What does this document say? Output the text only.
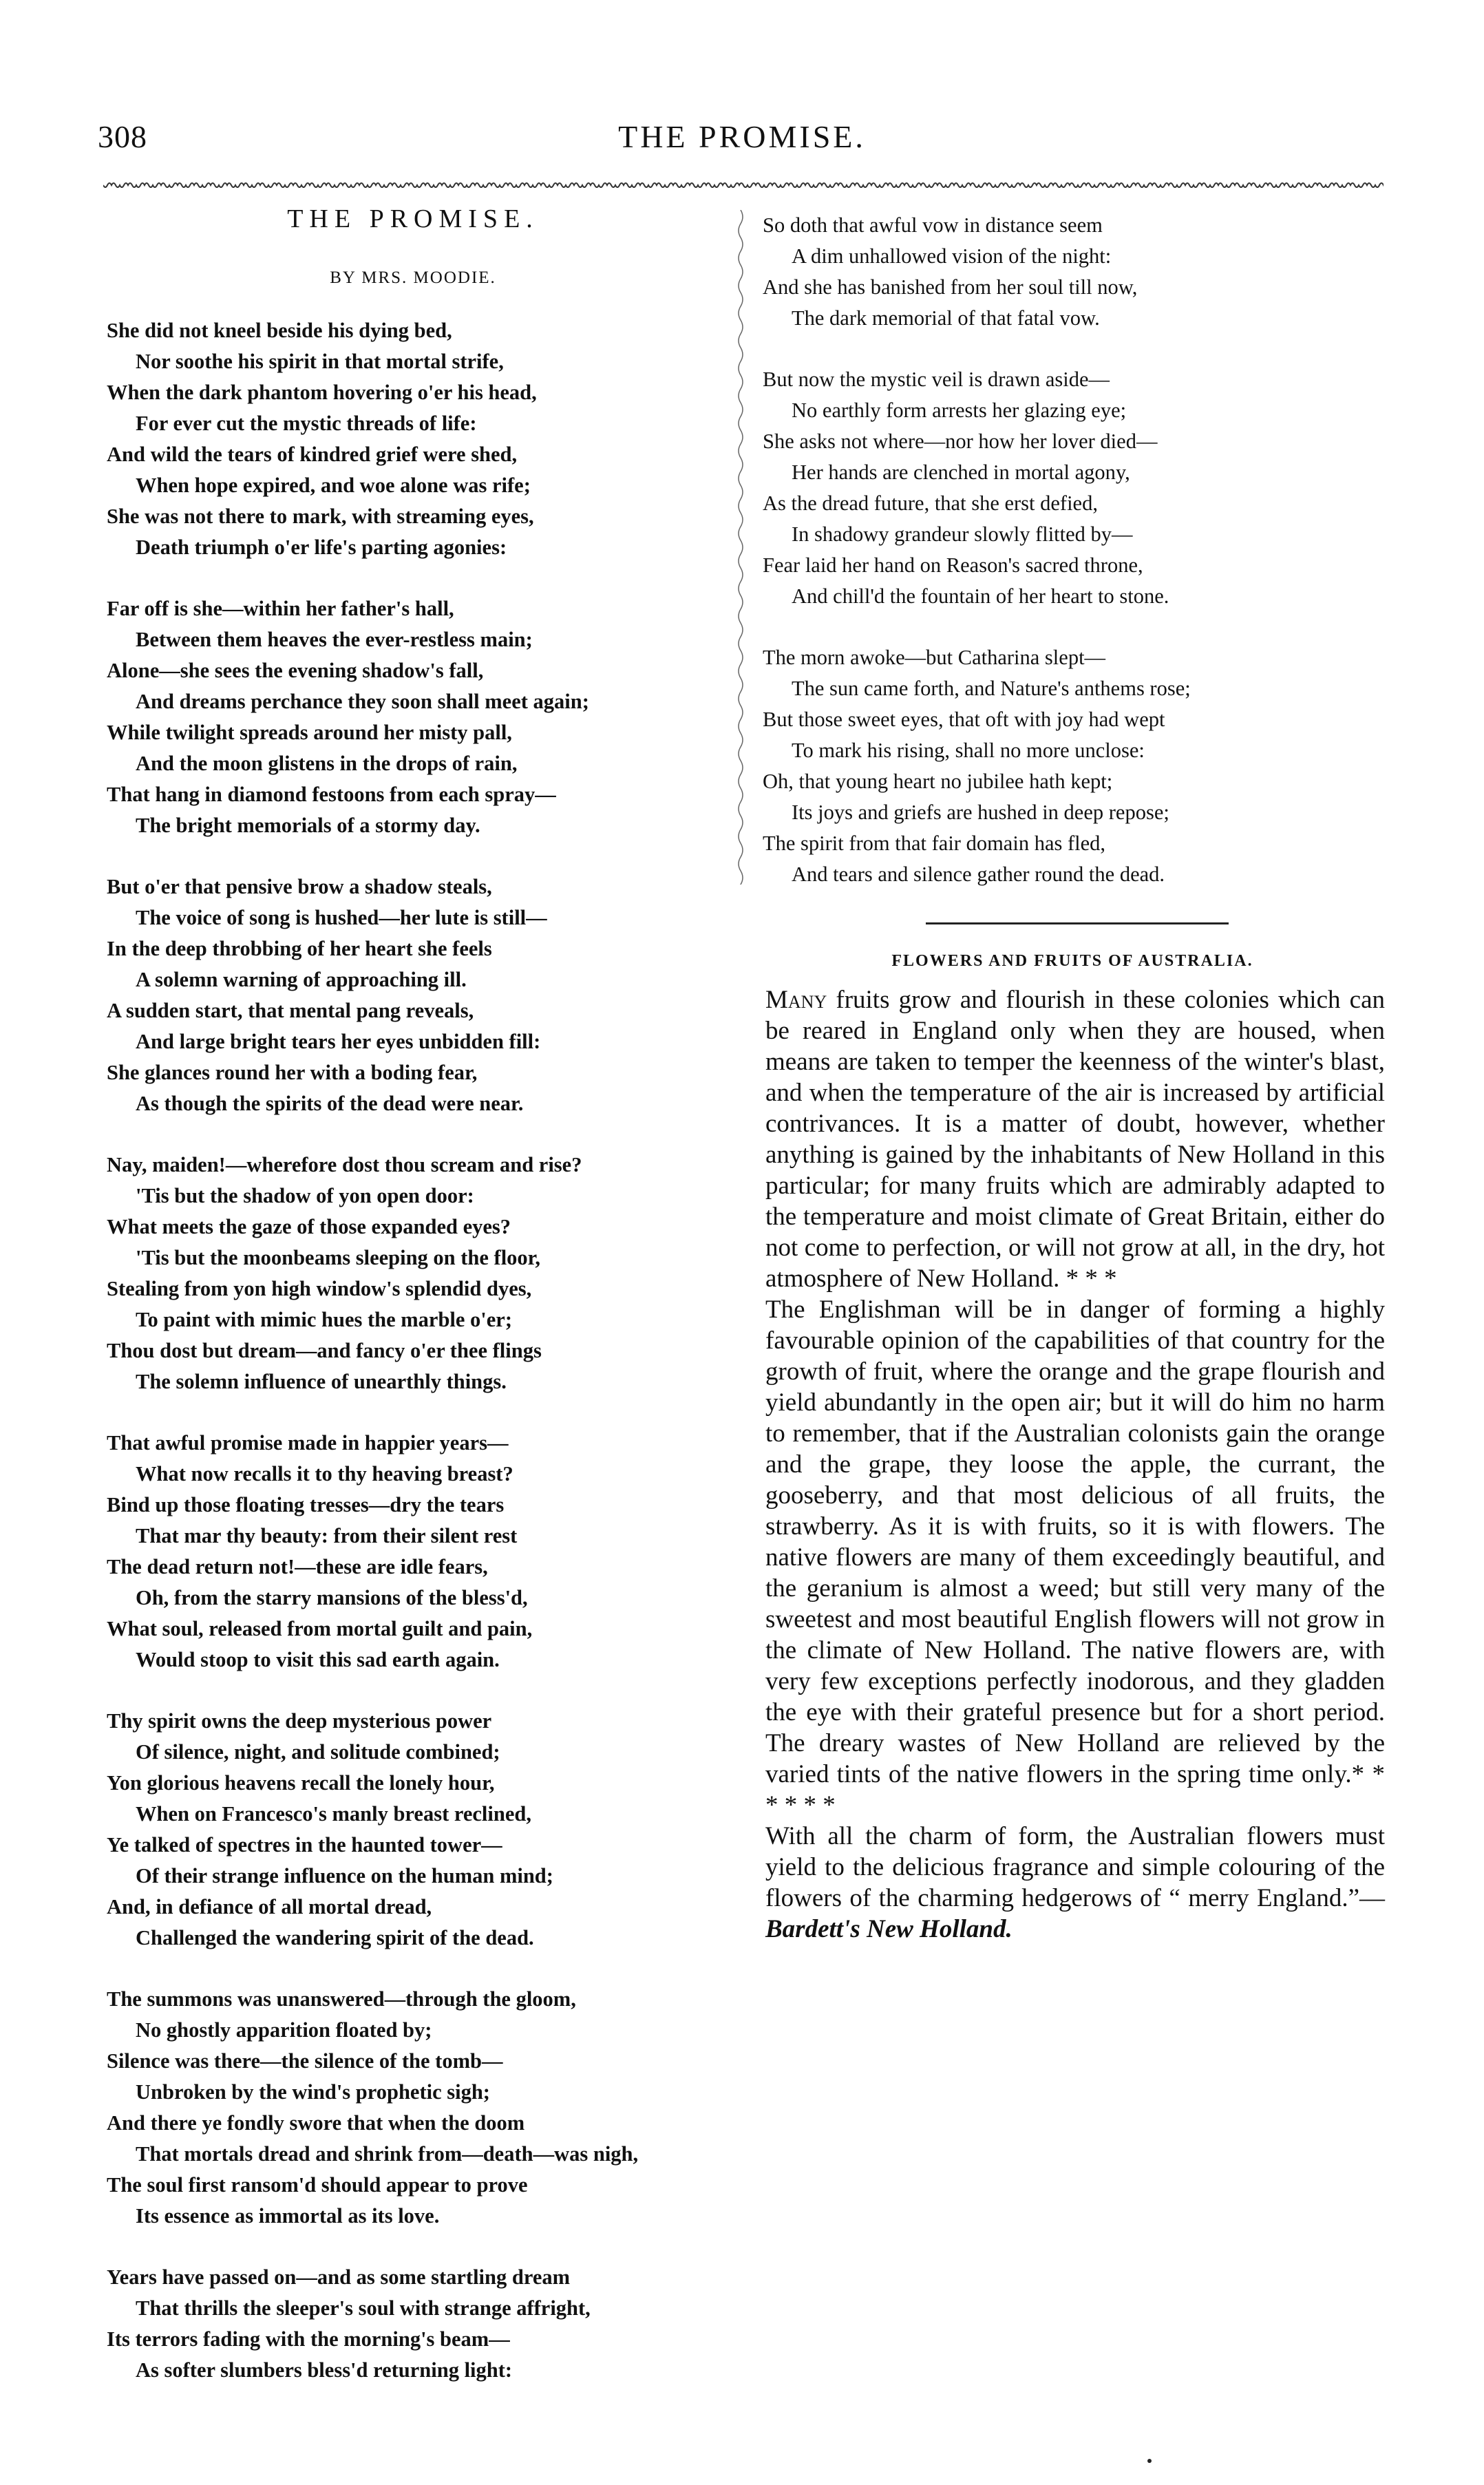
308	THE PROMISE.
THE PROMISE.
BY MRS. MOODIE.
She did not kneel beside his dying bed,
Nor soothe his spirit in that mortal strife,
When the dark phantom hovering o'er his head,
For ever cut the mystic threads of life:
And wild the tears of kindred grief were shed,
When hope expired, and woe alone was rife;
She was not there to mark, with streaming eyes,
Death triumph o'er life's parting agonies:
Far off is she—within her father's hall,
Between them heaves the ever-restless main;
Alone—she sees the evening shadow's fall,
And dreams perchance they soon shall meet again;
While twilight spreads around her misty pall,
And the moon glistens in the drops of rain,
That hang in diamond festoons from each spray—
The bright memorials of a stormy day.
But o'er that pensive brow a shadow steals,
The voice of song is hushed—her lute is still—
In the deep throbbing of her heart she feels
A solemn warning of approaching ill.
A sudden start, that mental pang reveals,
And large bright tears her eyes unbidden fill:
She glances round her with a boding fear,
As though the spirits of the dead were near.
Nay, maiden!—wherefore dost thou scream and rise?
'Tis but the shadow of yon open door:
What meets the gaze of those expanded eyes?
'Tis but the moonbeams sleeping on the floor,
Stealing from yon high window's splendid dyes,
To paint with mimic hues the marble o'er;
Thou dost but dream—and fancy o'er thee flings
The solemn influence of unearthly things.
That awful promise made in happier years—
What now recalls it to thy heaving breast?
Bind up those floating tresses—dry the tears
That mar thy beauty: from their silent rest
The dead return not!—these are idle fears,
Oh, from the starry mansions of the bless'd,
What soul, released from mortal guilt and pain,
Would stoop to visit this sad earth again.
Thy spirit owns the deep mysterious power
Of silence, night, and solitude combined;
Yon glorious heavens recall the lonely hour,
When on Francesco's manly breast reclined,
Ye talked of spectres in the haunted tower—
Of their strange influence on the human mind;
And, in defiance of all mortal dread,
Challenged the wandering spirit of the dead.
The summons was unanswered—through the gloom,
No ghostly apparition floated by;
Silence was there—the silence of the tomb—
Unbroken by the wind's prophetic sigh;
And there ye fondly swore that when the doom
That mortals dread and shrink from—death—was nigh,
The soul first ransom'd should appear to prove
Its essence as immortal as its love.
Years have passed on—and as some startling dream
That thrills the sleeper's soul with strange affright,
Its terrors fading with the morning's beam—
As softer slumbers bless'd returning light:
So doth that awful vow in distance seem
A dim unhallowed vision of the night:
And she has banished from her soul till now,
The dark memorial of that fatal vow.
But now the mystic veil is drawn aside—
No earthly form arrests her glazing eye;
She asks not where—nor how her lover died—
Her hands are clenched in mortal agony,
As the dread future, that she erst defied,
In shadowy grandeur slowly flitted by—
Fear laid her hand on Reason's sacred throne,
And chill'd the fountain of her heart to stone.
The morn awoke—but Catharina slept—
The sun came forth, and Nature's anthems rose;
But those sweet eyes, that oft with joy had wept
To mark his rising, shall no more unclose:
Oh, that young heart no jubilee hath kept;
Its joys and griefs are hushed in deep repose;
The spirit from that fair domain has fled,
And tears and silence gather round the dead.
FLOWERS AND FRUITS OF AUSTRALIA.

Many fruits grow and flourish in these colonies which can be reared in England only when they are housed, when means are taken to temper the keenness of the winter's blast, and when the temperature of the air is increased by artificial contrivances. It is a matter of doubt, however, whether anything is gained by the inhabitants of New Holland in this particular; for many fruits which are admirably adapted to the temperature and moist climate of Great Britain, either do not come to perfection, or will not grow at all, in the dry, hot atmosphere of New Holland. * * *

The Englishman will be in danger of forming a highly favourable opinion of the capabilities of that country for the growth of fruit, where the orange and the grape flourish and yield abundantly in the open air; but it will do him no harm to remember, that if the Australian colonists gain the orange and the grape, they loose the apple, the currant, the gooseberry, and that most delicious of all fruits, the strawberry. As it is with fruits, so it is with flowers. The native flowers are many of them exceedingly beautiful, and the geranium is almost a weed; but still very many of the sweetest and most beautiful English flowers will not grow in the climate of New Holland. The native flowers are, with very few exceptions perfectly inodorous, and they gladden the eye with their grateful presence but for a short period. The dreary wastes of New Holland are relieved by the varied tints of the native flowers in the spring time only.* * * * * *

With all the charm of form, the Australian flowers must yield to the delicious fragrance and simple colouring of the flowers of the charming hedgerows of “ merry England.”—Bardett's New Holland.
